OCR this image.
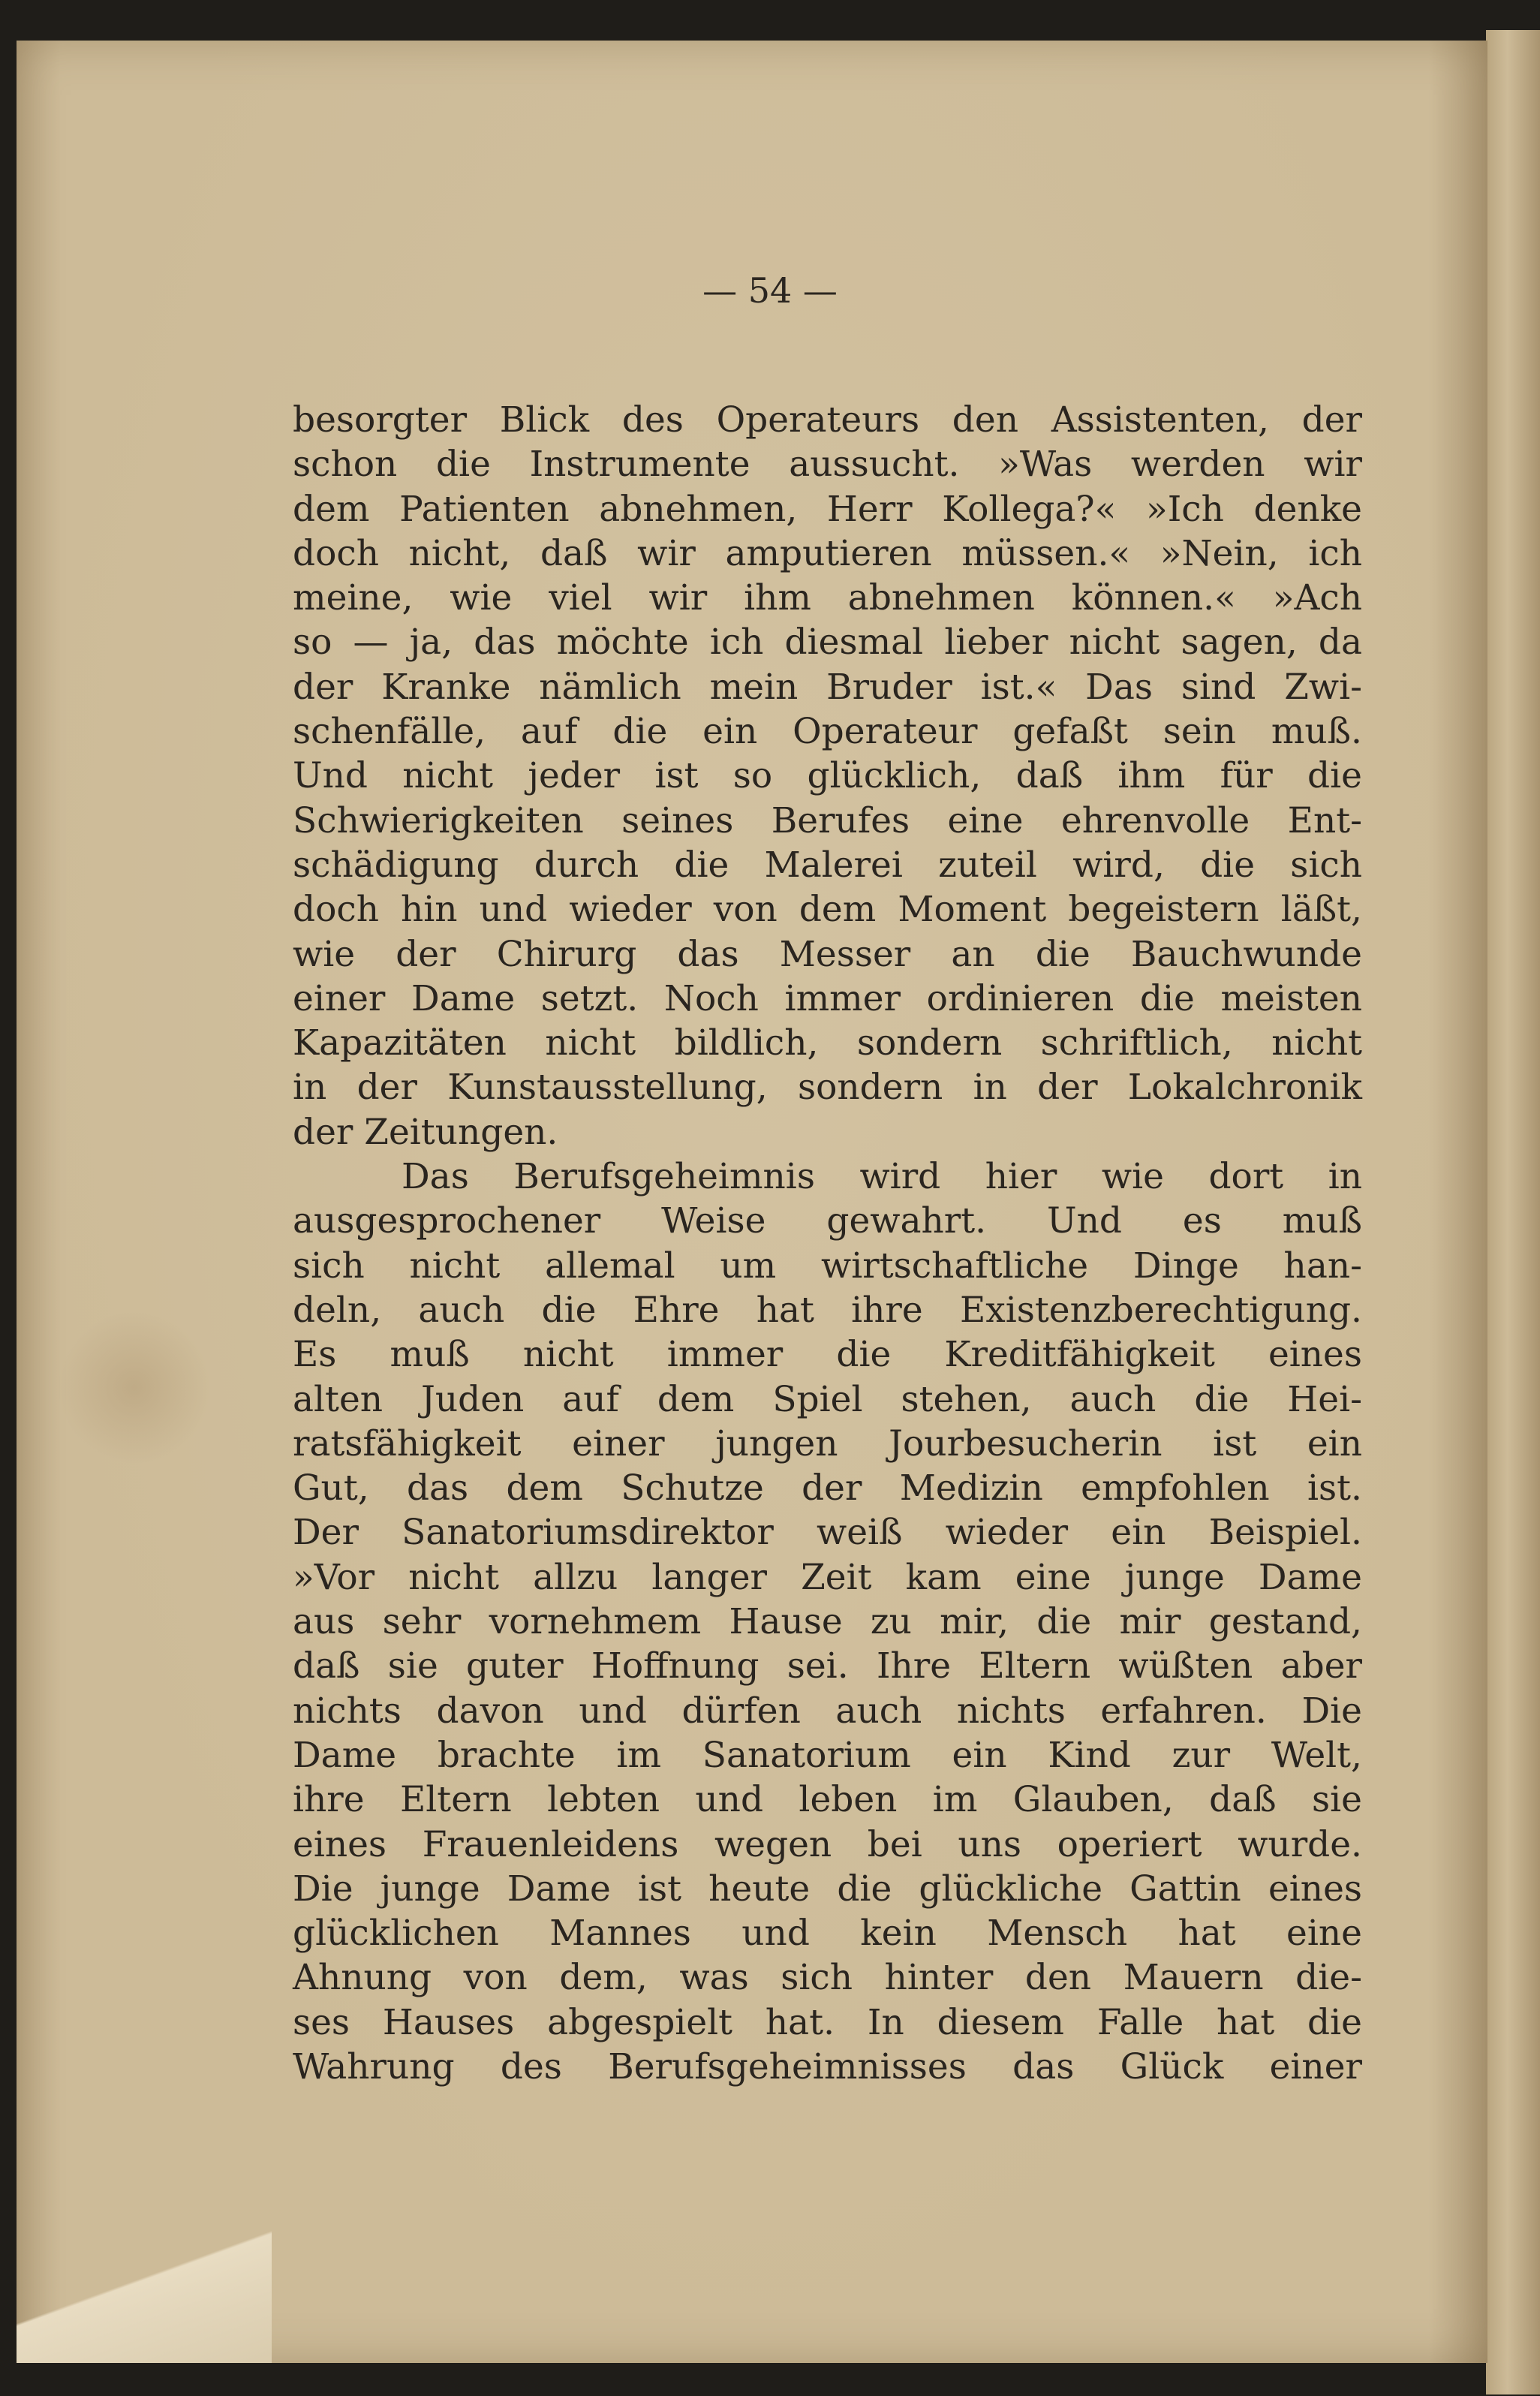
— 54 —

besorgter Blick des Operateurs den Assistenten, der
schon die Instrumente aussucht. »Was werden wir
dem Patienten abnehmen, Herr Kollega?« »Ich denke
doch nicht, daß wir amputieren müssen.« »Nein, ich
meine, wie viel wir ihm abnehmen können.« »Ach
so — ja, das möchte ich diesmal lieber nicht sagen, da
der Kranke nämlich mein Bruder ist.« Das sind Zwi-
schenfälle, auf die ein Operateur gefaßt sein muß.
Und nicht jeder ist so glücklich, daß ihm für die
Schwierigkeiten seines Berufes eine ehrenvolle Ent-
schädigung durch die Malerei zuteil wird, die sich
doch hin und wieder von dem Moment begeistern läßt,
wie der Chirurg das Messer an die Bauchwunde
einer Dame setzt. Noch immer ordinieren die meisten
Kapazitäten nicht bildlich, sondern schriftlich, nicht
in der Kunstausstellung, sondern in der Lokalchronik
der Zeitungen.
Das Berufsgeheimnis wird hier wie dort in
ausgesprochener Weise gewahrt. Und es muß
sich nicht allemal um wirtschaftliche Dinge han-
deln, auch die Ehre hat ihre Existenzberechtigung.
Es muß nicht immer die Kreditfähigkeit eines
alten Juden auf dem Spiel stehen, auch die Hei-
ratsfähigkeit einer jungen Jourbesucherin ist ein
Gut, das dem Schutze der Medizin empfohlen ist.
Der Sanatoriumsdirektor weiß wieder ein Beispiel.
»Vor nicht allzu langer Zeit kam eine junge Dame
aus sehr vornehmem Hause zu mir, die mir gestand,
daß sie guter Hoffnung sei. Ihre Eltern wüßten aber
nichts davon und dürfen auch nichts erfahren. Die
Dame brachte im Sanatorium ein Kind zur Welt,
ihre Eltern lebten und leben im Glauben, daß sie
eines Frauenleidens wegen bei uns operiert wurde.
Die junge Dame ist heute die glückliche Gattin eines
glücklichen Mannes und kein Mensch hat eine
Ahnung von dem, was sich hinter den Mauern die-
ses Hauses abgespielt hat. In diesem Falle hat die
Wahrung des Berufsgeheimnisses das Glück einer
